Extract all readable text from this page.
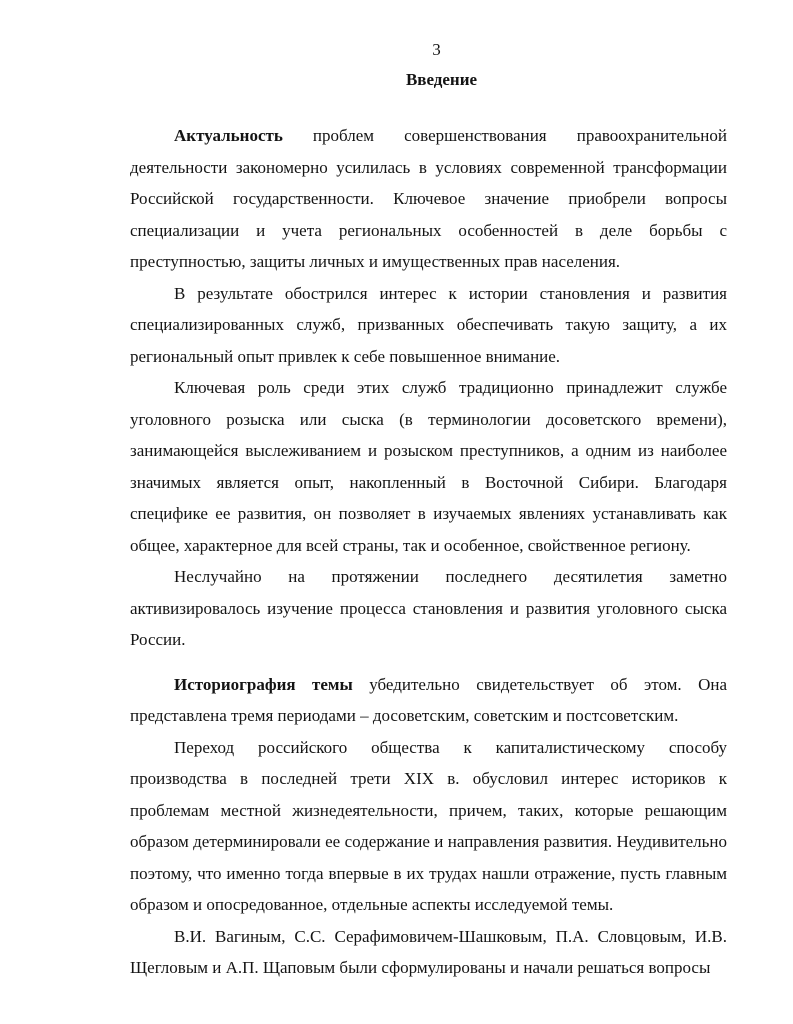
3
Введение

Актуальность проблем совершенствования правоохранительной деятельности закономерно усилилась в условиях современной трансформации Российской государственности. Ключевое значение приобрели вопросы специализации и учета региональных особенностей в деле борьбы с преступностью, защиты личных и имущественных прав населения.

В результате обострился интерес к истории становления и развития специализированных служб, призванных обеспечивать такую защиту, а их региональный опыт привлек к себе повышенное внимание.

Ключевая роль среди этих служб традиционно принадлежит службе уголовного розыска или сыска (в терминологии досоветского времени), занимающейся выслеживанием и розыском преступников, а одним из наиболее значимых является опыт, накопленный в Восточной Сибири. Благодаря специфике ее развития, он позволяет в изучаемых явлениях устанавливать как общее, характерное для всей страны, так и особенное, свойственное региону.

Неслучайно на протяжении последнего десятилетия заметно активизировалось изучение процесса становления и развития уголовного сыска России.

Историография темы убедительно свидетельствует об этом. Она представлена тремя периодами – досоветским, советским и постсоветским.

Переход российского общества к капиталистическому способу производства в последней трети XIX в. обусловил интерес историков к проблемам местной жизнедеятельности, причем, таких, которые решающим образом детерминировали ее содержание и направления развития. Неудивительно поэтому, что именно тогда впервые в их трудах нашли отражение, пусть главным образом и опосредованное, отдельные аспекты исследуемой темы.

В.И. Вагиным, С.С. Серафимовичем-Шашковым, П.А. Словцовым, И.В. Щегловым и А.П. Щаповым были сформулированы и начали решаться вопросы
